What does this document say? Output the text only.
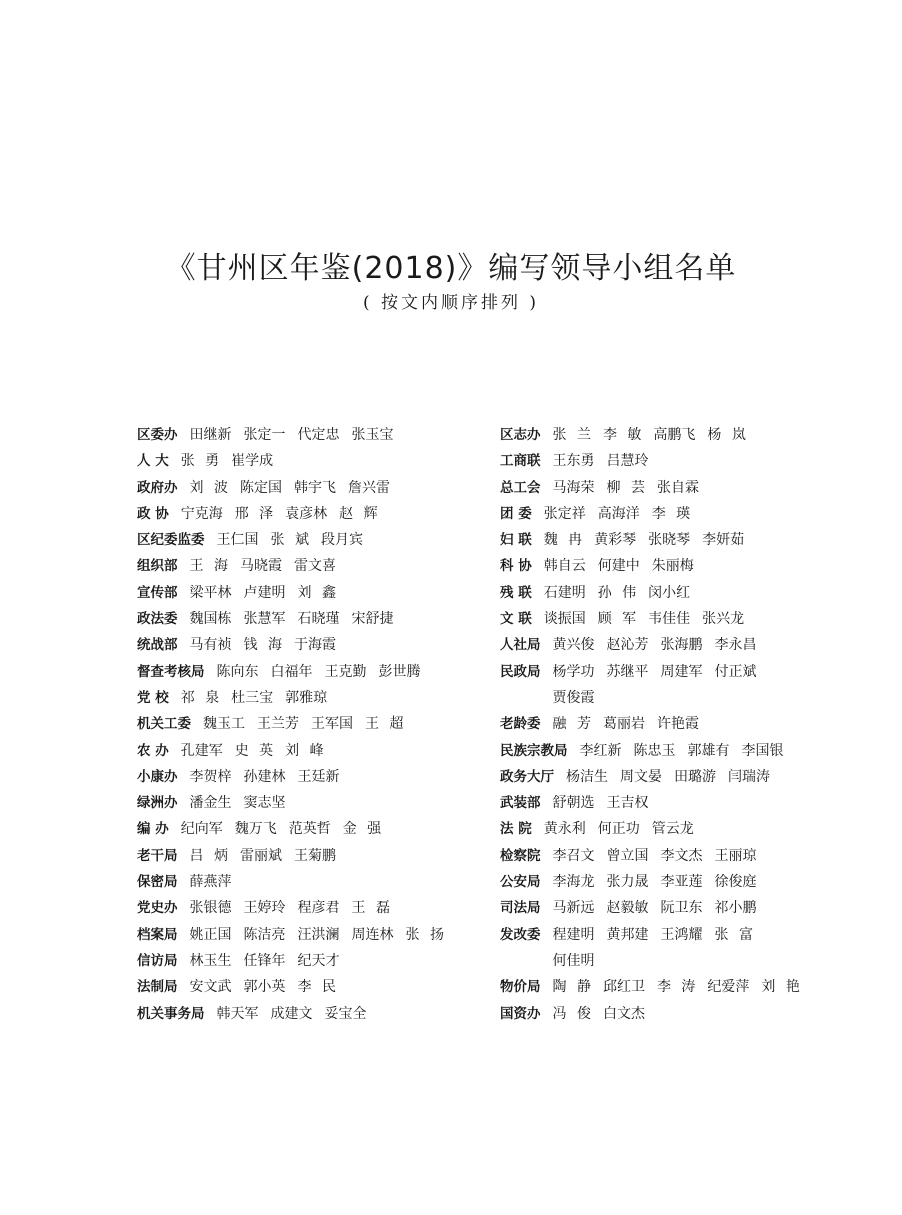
《甘州区年鉴(2018)》编写领导小组名单
( 按文内顺序排列 )
区委办 田继新 张定一 代定忠 张玉宝
人 大 张 勇 崔学成
政府办 刘 波 陈定国 韩宇飞 詹兴雷
政 协 宁克海 邢 泽 袁彦林 赵 辉
区纪委监委 王仁国 张 斌 段月宾
组织部 王 海 马晓霞 雷文喜
宣传部 梁平林 卢建明 刘 鑫
政法委 魏国栋 张慧军 石晓瑾 宋舒捷
统战部 马有祯 钱 海 于海霞
督查考核局 陈向东 白福年 王克勤 彭世腾
党 校 祁 泉 杜三宝 郭雅琼
机关工委 魏玉工 王兰芳 王军国 王 超
农 办 孔建军 史 英 刘 峰
小康办 李贺梓 孙建林 王廷新
绿洲办 潘金生 窦志坚
编 办 纪向军 魏万飞 范英哲 金 强
老干局 吕 炳 雷丽斌 王菊鹏
保密局 薛燕萍
党史办 张银德 王婷玲 程彦君 王 磊
档案局 姚正国 陈洁亮 汪洪澜 周连林 张 扬
信访局 林玉生 任锋年 纪天才
法制局 安文武 郭小英 李 民
机关事务局 韩天军 成建文 妥宝全
区志办 张 兰 李 敏 高鹏飞 杨 岚
工商联 王东勇 吕慧玲
总工会 马海荣 柳 芸 张自霖
团 委 张定祥 高海洋 李 瑛
妇 联 魏 冉 黄彩琴 张晓琴 李妍茹
科 协 韩自云 何建中 朱丽梅
残 联 石建明 孙 伟 闵小红
文 联 谈振国 顾 军 韦佳佳 张兴龙
人社局 黄兴俊 赵沁芳 张海鹏 李永昌
民政局 杨学功 苏继平 周建军 付正斌贾俊霞
老龄委 融 芳 葛丽岩 许艳霞
民族宗教局 李红新 陈忠玉 郭雄有 李国银
政务大厅 杨洁生 周文晏 田璐游 闫瑞涛
武装部 舒朝选 王吉权
法 院 黄永利 何正功 管云龙
检察院 李召文 曾立国 李文杰 王丽琼
公安局 李海龙 张力晟 李亚莲 徐俊庭
司法局 马新远 赵毅敏 阮卫东 祁小鹏
发改委 程建明 黄邦建 王鸿耀 张 富何佳明
物价局 陶 静 邱红卫 李 涛 纪爱萍 刘 艳
国资办 冯 俊 白文杰
